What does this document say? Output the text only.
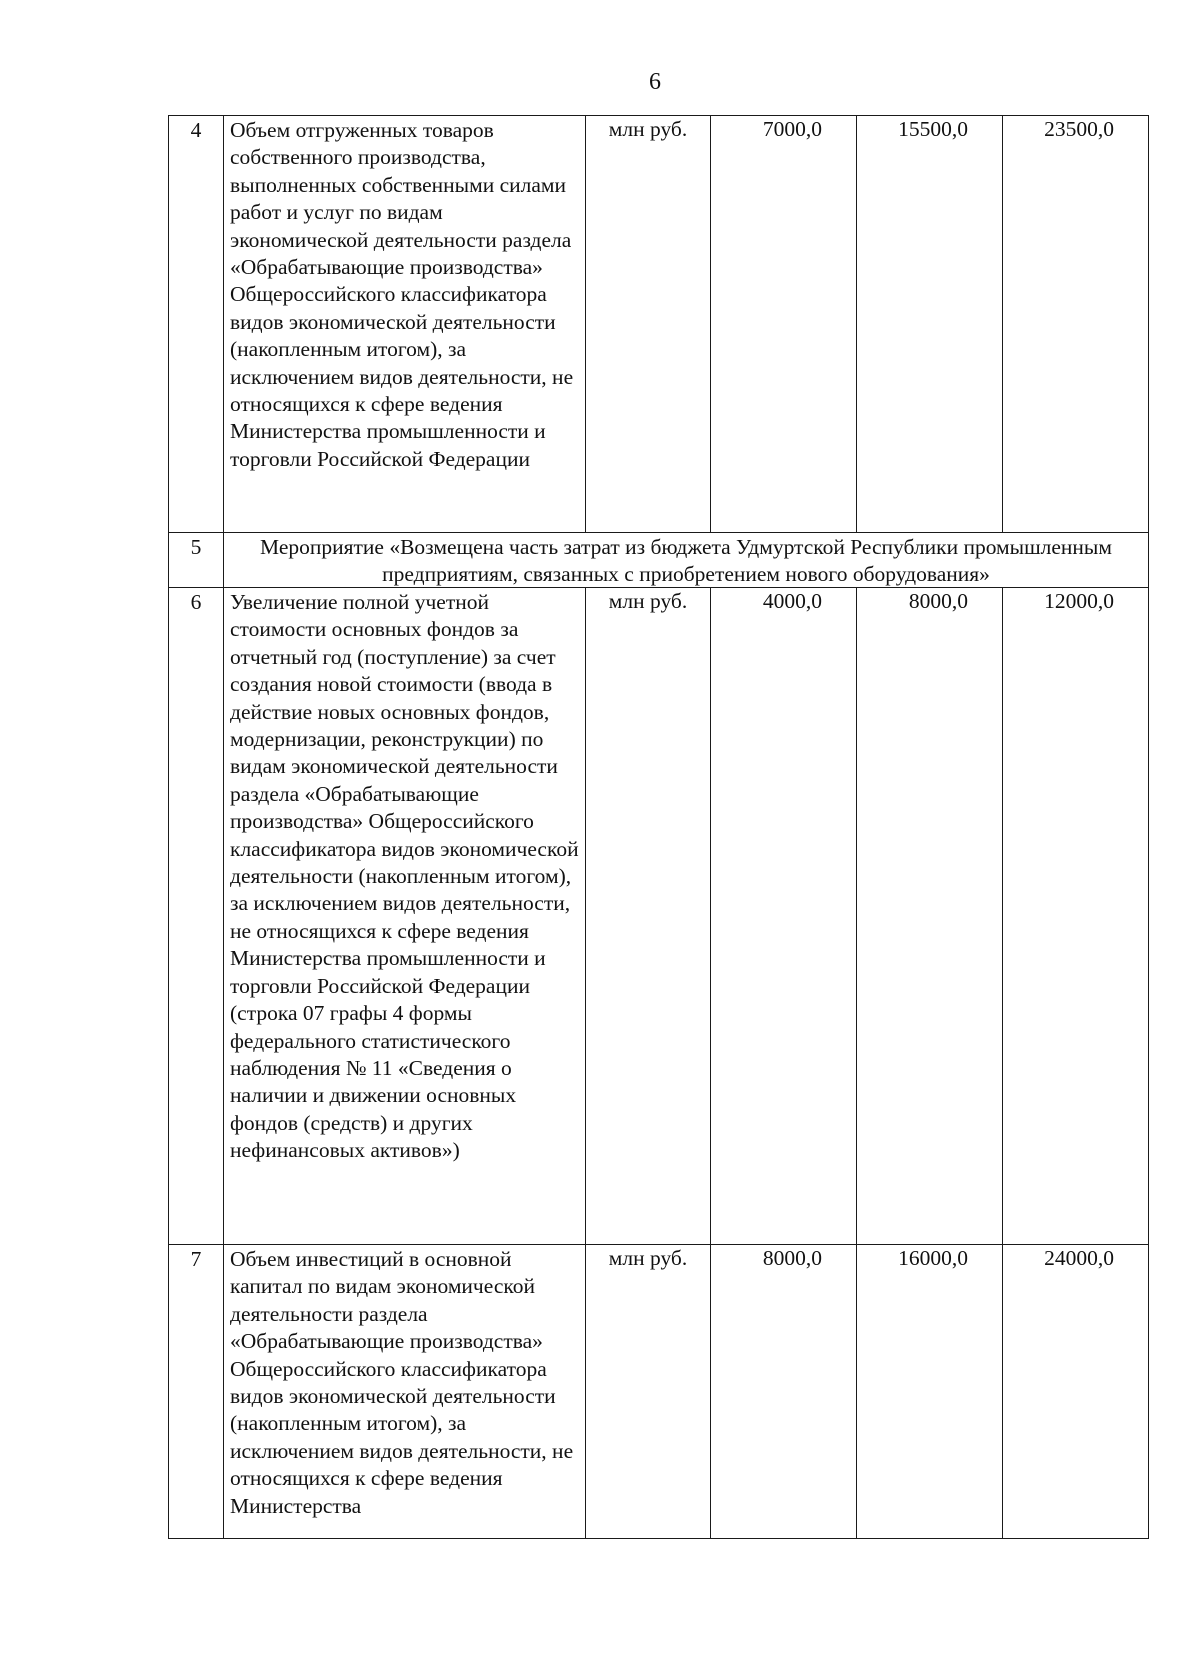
6
4	Объем отгруженных товаров собственного производства, выполненных собственными силами работ и услуг по видам экономической деятельности раздела «Обрабатывающие производства» Общероссийского классификатора видов экономической деятельности (накопленным итогом), за исключением видов деятельности, не относящихся к сфере ведения Министерства промышленности и торговли Российской Федерации	млн руб.	7000,0	15500,0	23500,0
5	Мероприятие «Возмещена часть затрат из бюджета Удмуртской Республики промышленным предприятиям, связанных с приобретением нового оборудования»				
6	Увеличение полной учетной стоимости основных фондов за отчетный год (поступление) за счет создания новой стоимости (ввода в действие новых основных фондов, модернизации, реконструкции) по видам экономической деятельности раздела «Обрабатывающие производства» Общероссийского классификатора видов экономической деятельности (накопленным итогом), за исключением видов деятельности, не относящихся к сфере ведения Министерства промышленности и торговли Российской Федерации (строка 07 графы 4 формы федерального статистического наблюдения № 11 «Сведения о наличии и движении основных фондов (средств) и других нефинансовых активов»)	млн руб.	4000,0	8000,0	12000,0
7	Объем инвестиций в основной капитал по видам экономической деятельности раздела «Обрабатывающие производства» Общероссийского классификатора видов экономической деятельности (накопленным итогом), за исключением видов деятельности, не относящихся к сфере ведения Министерства	млн руб.	8000,0	16000,0	24000,0
